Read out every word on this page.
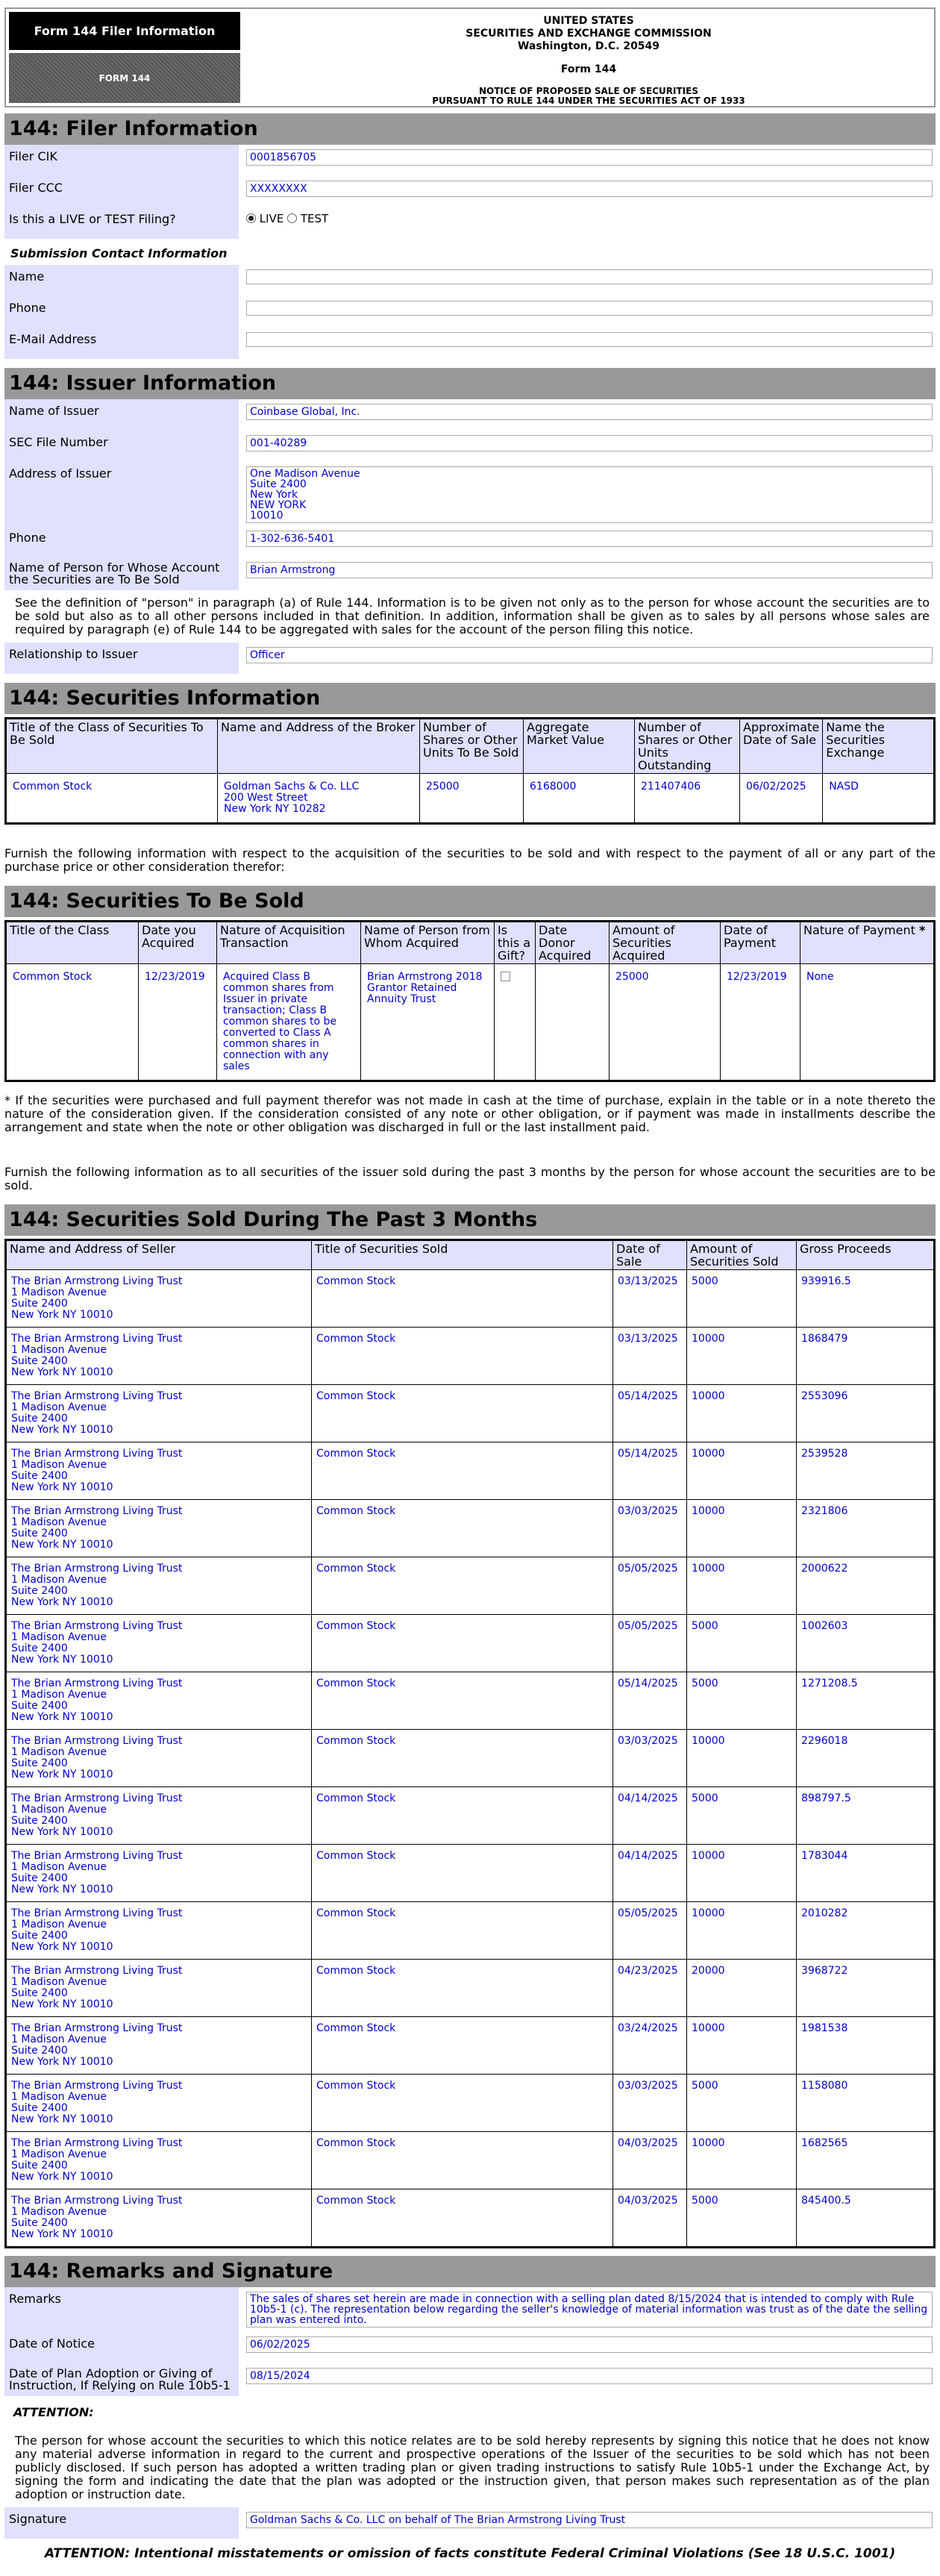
Form 144 Filer Information
FORM 144
UNITED STATES
SECURITIES AND EXCHANGE COMMISSION
Washington, D.C. 20549
Form 144
NOTICE OF PROPOSED SALE OF SECURITIES
PURSUANT TO RULE 144 UNDER THE SECURITIES ACT OF 1933
144: Filer Information
Filer CIK	0001856705
Filer CCC	XXXXXXXX
Is this a LIVE or TEST Filing?	LIVE TEST
Submission Contact Information
Name
Phone
E-Mail Address
144: Issuer Information
Name of Issuer	Coinbase Global, Inc.
SEC File Number	001-40289
Address of Issuer	One Madison Avenue
Suite 2400
New York
NEW YORK
10010
Phone	1-302-636-5401
Name of Person for Whose Account the Securities are To Be Sold
Brian Armstrong
See the definition of "person" in paragraph (a) of Rule 144. Information is to be given not only as to the person for whose account the securities are to be sold but also as to all other persons included in that definition. In addition, information shall be given as to sales by all persons whose sales are required by paragraph (e) of Rule 144 to be aggregated with sales for the account of the person filing this notice.
Relationship to Issuer	Officer
144: Securities Information
Title of the Class of Securities To Be Sold	Name and Address of the Broker	Number of Shares or Other Units To Be Sold	Aggregate Market Value	Number of Shares or Other Units Outstanding	Approximate Date of Sale	Name the Securities Exchange
Common Stock	Goldman Sachs & Co. LLC
200 West Street
New York NY 10282	25000	6168000	211407406	06/02/2025	NASD
Furnish the following information with respect to the acquisition of the securities to be sold and with respect to the payment of all or any part of the purchase price or other consideration therefor:
144: Securities To Be Sold
Title of the Class	Date you Acquired	Nature of Acquisition Transaction	Name of Person from Whom Acquired	Is this a Gift?	Date Donor Acquired	Amount of Securities Acquired	Date of Payment	Nature of Payment *
Common Stock	12/23/2019	Acquired Class B common shares from Issuer in private transaction; Class B common shares to be converted to Class A common shares in connection with any sales	Brian Armstrong 2018 Grantor Retained Annuity Trust			25000	12/23/2019	None
* If the securities were purchased and full payment therefor was not made in cash at the time of purchase, explain in the table or in a note thereto the nature of the consideration given. If the consideration consisted of any note or other obligation, or if payment was made in installments describe the arrangement and state when the note or other obligation was discharged in full or the last installment paid.
Furnish the following information as to all securities of the issuer sold during the past 3 months by the person for whose account the securities are to be sold.
144: Securities Sold During The Past 3 Months
Name and Address of Seller	Title of Securities Sold	Date of Sale	Amount of Securities Sold	Gross Proceeds

The Brian Armstrong Living Trust
1 Madison Avenue
Suite 2400
New York NY 10010	Common Stock	03/13/2025	5000	939916.5

The Brian Armstrong Living Trust
1 Madison Avenue
Suite 2400
New York NY 10010	Common Stock	03/13/2025	10000	1868479

The Brian Armstrong Living Trust
1 Madison Avenue
Suite 2400
New York NY 10010	Common Stock	05/14/2025	10000	2553096

The Brian Armstrong Living Trust
1 Madison Avenue
Suite 2400
New York NY 10010	Common Stock	05/14/2025	10000	2539528

The Brian Armstrong Living Trust
1 Madison Avenue
Suite 2400
New York NY 10010	Common Stock	03/03/2025	10000	2321806

The Brian Armstrong Living Trust
1 Madison Avenue
Suite 2400
New York NY 10010	Common Stock	05/05/2025	10000	2000622

The Brian Armstrong Living Trust
1 Madison Avenue
Suite 2400
New York NY 10010	Common Stock	05/05/2025	5000	1002603

The Brian Armstrong Living Trust
1 Madison Avenue
Suite 2400
New York NY 10010	Common Stock	05/14/2025	5000	1271208.5

The Brian Armstrong Living Trust
1 Madison Avenue
Suite 2400
New York NY 10010	Common Stock	03/03/2025	10000	2296018

The Brian Armstrong Living Trust
1 Madison Avenue
Suite 2400
New York NY 10010	Common Stock	04/14/2025	5000	898797.5

The Brian Armstrong Living Trust
1 Madison Avenue
Suite 2400
New York NY 10010	Common Stock	04/14/2025	10000	1783044

The Brian Armstrong Living Trust
1 Madison Avenue
Suite 2400
New York NY 10010	Common Stock	05/05/2025	10000	2010282

The Brian Armstrong Living Trust
1 Madison Avenue
Suite 2400
New York NY 10010	Common Stock	04/23/2025	20000	3968722

The Brian Armstrong Living Trust
1 Madison Avenue
Suite 2400
New York NY 10010	Common Stock	03/24/2025	10000	1981538

The Brian Armstrong Living Trust
1 Madison Avenue
Suite 2400
New York NY 10010	Common Stock	03/03/2025	5000	1158080

The Brian Armstrong Living Trust
1 Madison Avenue
Suite 2400
New York NY 10010	Common Stock	04/03/2025	10000	1682565

The Brian Armstrong Living Trust
1 Madison Avenue
Suite 2400
New York NY 10010	Common Stock	04/03/2025	5000	845400.5
144: Remarks and Signature
Remarks	The sales of shares set herein are made in connection with a selling plan dated 8/15/2024 that is intended to comply with Rule 10b5-1 (c). The representation below regarding the seller's knowledge of material information was trust as of the date the selling plan was entered into.
Date of Notice	06/02/2025
Date of Plan Adoption or Giving of Instruction, If Relying on Rule 10b5-1
08/15/2024
ATTENTION:
The person for whose account the securities to which this notice relates are to be sold hereby represents by signing this notice that he does not know any material adverse information in regard to the current and prospective operations of the Issuer of the securities to be sold which has not been publicly disclosed. If such person has adopted a written trading plan or given trading instructions to satisfy Rule 10b5-1 under the Exchange Act, by signing the form and indicating the date that the plan was adopted or the instruction given, that person makes such representation as of the plan adoption or instruction date.
Signature	Goldman Sachs & Co. LLC on behalf of The Brian Armstrong Living Trust
ATTENTION: Intentional misstatements or omission of facts constitute Federal Criminal Violations (See 18 U.S.C. 1001)
